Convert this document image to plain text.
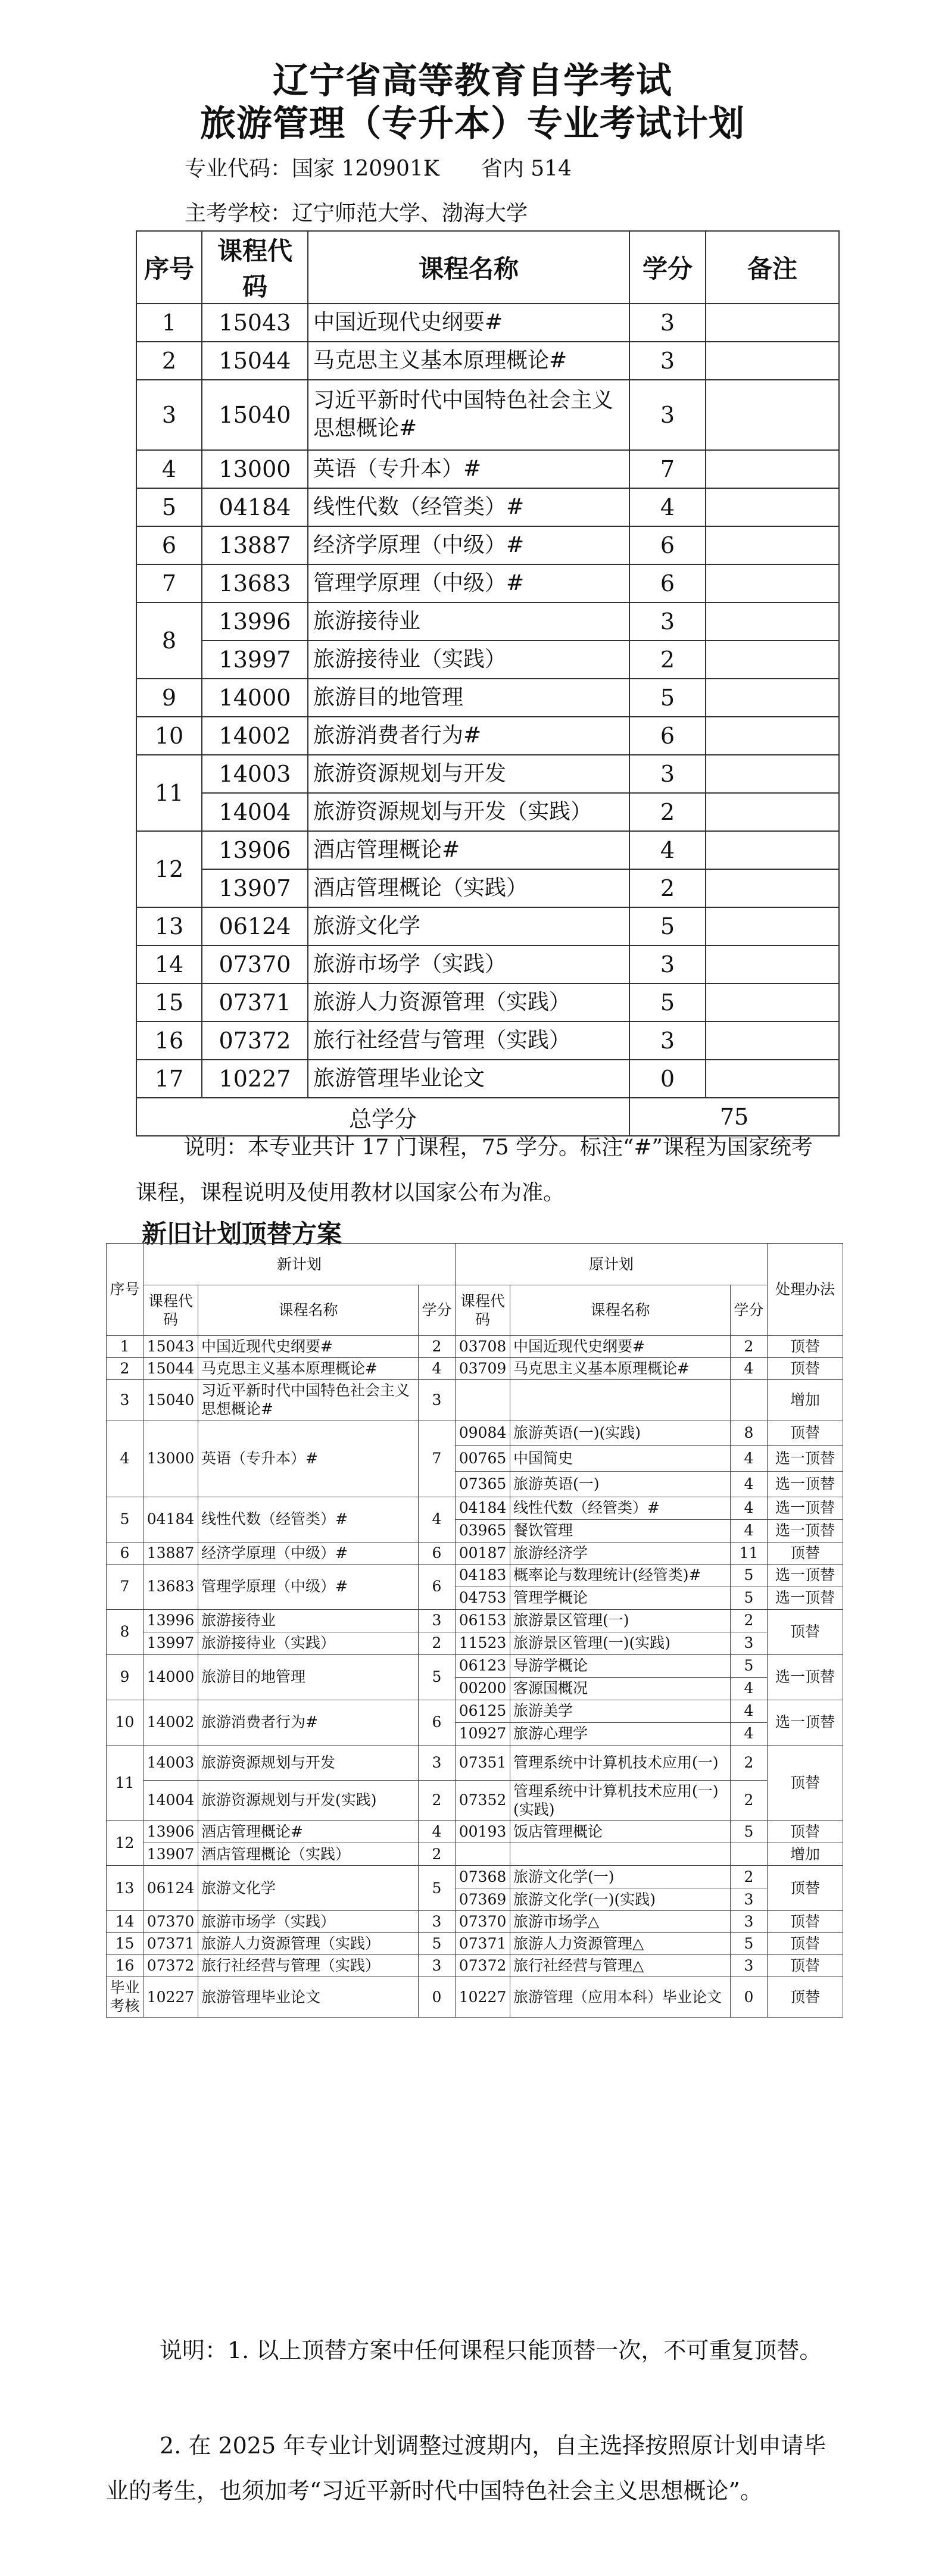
辽宁省高等教育自学考试
旅游管理（专升本）专业考试计划
专业代码：国家 120901K 省内 514
主考学校：辽宁师范大学、渤海大学
序号	课程代码	课程名称	学分	备注
1	15043	中国近现代史纲要#	3	
2	15044	马克思主义基本原理概论#	3	
3	15040	习近平新时代中国特色社会主义思想概论#	3	
4	13000	英语（专升本）#	7	
5	04184	线性代数（经管类）#	4	
6	13887	经济学原理（中级）#	6	
7	13683	管理学原理（中级）#	6	
8	13996	旅游接待业	3	
	13997	旅游接待业（实践）	2	
9	14000	旅游目的地管理	5	
10	14002	旅游消费者行为#	6	
11	14003	旅游资源规划与开发	3	
	14004	旅游资源规划与开发（实践）	2	
12	13906	酒店管理概论#	4	
	13907	酒店管理概论（实践）	2	
13	06124	旅游文化学	5	
14	07370	旅游市场学（实践）	3	
15	07371	旅游人力资源管理（实践）	5	
16	07372	旅行社经营与管理（实践）	3	
17	10227	旅游管理毕业论文	0	
总学分			75	
说明：本专业共计 17 门课程，75 学分。标注“#”课程为国家统考课程，课程说明及使用教材以国家公布为准。
新旧计划顶替方案
序号	新计划			原计划			处理办法
	课程代码	课程名称	学分	课程代码	课程名称	学分	
1	15043	中国近现代史纲要#	2	03708	中国近现代史纲要#	2	顶替
2	15044	马克思主义基本原理概论#	4	03709	马克思主义基本原理概论#	4	顶替
3	15040	习近平新时代中国特色社会主义思想概论#	3				增加
4	13000	英语（专升本）#	7	09084	旅游英语(一)(实践)	8	顶替
				00765	中国简史	4	选一顶替
				07365	旅游英语(一)	4	选一顶替
5	04184	线性代数（经管类）#	4	04184	线性代数（经管类）#	4	选一顶替
				03965	餐饮管理	4	选一顶替
6	13887	经济学原理（中级）#	6	00187	旅游经济学	11	顶替
7	13683	管理学原理（中级）#	6	04183	概率论与数理统计(经管类)#	5	选一顶替
				04753	管理学概论	5	选一顶替
8	13996	旅游接待业	3	06153	旅游景区管理(一)	2	顶替
	13997	旅游接待业（实践）	2	11523	旅游景区管理(一)(实践)	3	
9	14000	旅游目的地管理	5	06123	导游学概论	5	选一顶替
				00200	客源国概况	4	
10	14002	旅游消费者行为#	6	06125	旅游美学	4	选一顶替
				10927	旅游心理学	4	
11	14003	旅游资源规划与开发	3	07351	管理系统中计算机技术应用(一)	2	顶替
	14004	旅游资源规划与开发(实践)	2	07352	管理系统中计算机技术应用(一)(实践)	2	
12	13906	酒店管理概论#	4	00193	饭店管理概论	5	顶替
	13907	酒店管理概论（实践）	2				增加
13	06124	旅游文化学	5	07368	旅游文化学(一)	2	顶替
				07369	旅游文化学(一)(实践)	3	
14	07370	旅游市场学（实践）	3	07370	旅游市场学△	3	顶替
15	07371	旅游人力资源管理（实践）	5	07371	旅游人力资源管理△	5	顶替
16	07372	旅行社经营与管理（实践）	3	07372	旅行社经营与管理△	3	顶替
毕业考核	10227	旅游管理毕业论文	0	10227	旅游管理（应用本科）毕业论文	0	顶替
说明：1. 以上顶替方案中任何课程只能顶替一次，不可重复顶替。
2. 在 2025 年专业计划调整过渡期内，自主选择按照原计划申请毕业的考生，也须加考“习近平新时代中国特色社会主义思想概论”。
